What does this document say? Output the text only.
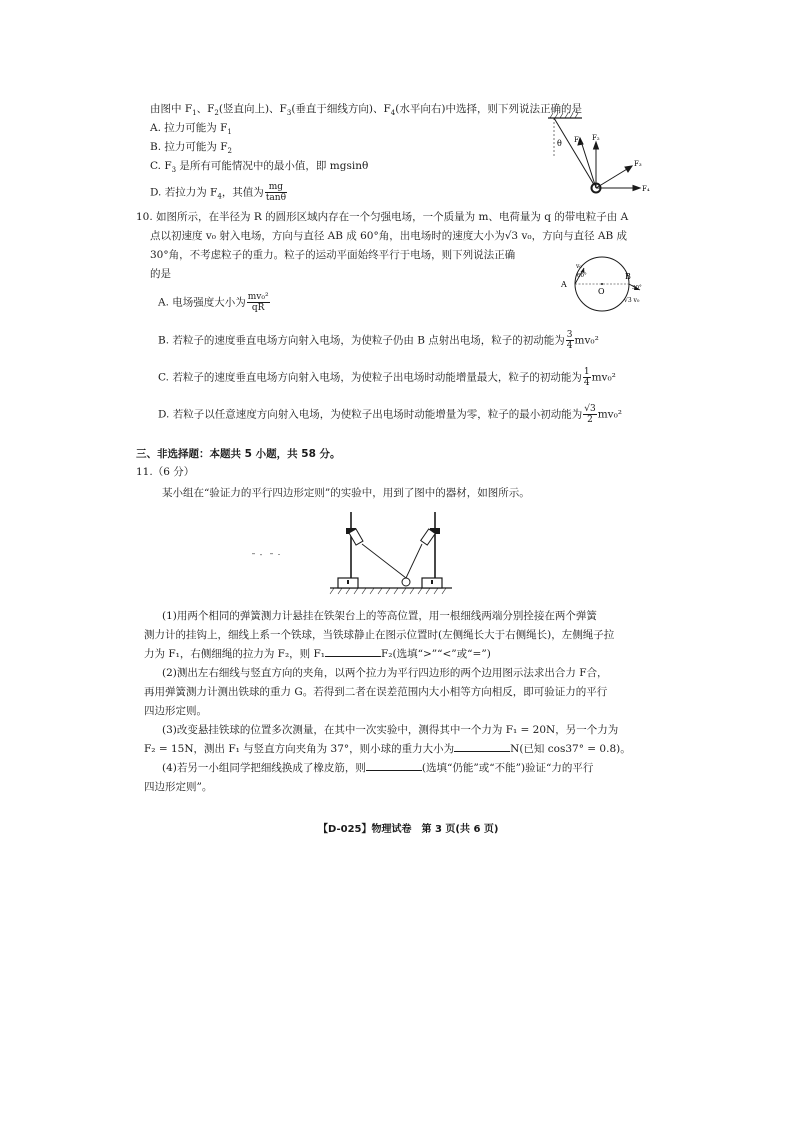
由图中 $F_1$、$F_2$(竖直向上)、$F_3$(垂直于细线方向)、$F_4$(水平向右)中选择，则下列说法正确的是
A. 拉力可能为 $F_1$
B. 拉力可能为 $F_2$
C. $F_3$ 是所有可能情况中的最小值，即 mgsinθ
D. 若拉力为 $F_4$，其值为 $\frac{mg}{\tan\theta}$
θ F₁ F₂
F₃
F₄
10. 如图所示，在半径为 R 的圆形区域内存在一个匀强电场，一个质量为 m、电荷量为 q 的带电粒子由 A
点以初速度 v₀ 射入电场，方向与直径 AB 成 60°角，出电场时的速度大小为√3 v₀，方向与直径 AB 成
30°角，不考虑粒子的重力。粒子的运动平面始终平行于电场，则下列说法正确
的是
A
B
O
v₀
60°
30°
√3 v₀
A. 电场强度大小为 $\frac{\text{mv₀²}}{qR}$
B. 若粒子的速度垂直电场方向射入电场，为使粒子仍由 B 点射出电场，粒子的初动能为 $\frac{3}{4} mv_0^2$
C. 若粒子的速度垂直电场方向射入电场，为使粒子出电场时动能增量最大，粒子的初动能为 $\frac{1}{4} mv_0^2$
D. 若粒子以任意速度方向射入电场，为使粒子出电场时动能增量为零，粒子的最小初动能为 $\frac{√3}{2} mv_0^2$
三、非选择题：本题共 5 小题，共 58 分。
11.（6 分）
某小组在“验证力的平行四边形定则”的实验中，用到了图中的器材，如图所示。
(1)用两个相同的弹簧测力计悬挂在铁架台上的等高位置，用一根细线两端分别拴接在两个弹簧
测力计的挂钩上，细线上系一个铁球，当铁球静止在图示位置时(左侧绳长大于右侧绳长)，左侧绳子拉
力为 F₁，右侧细绳的拉力为 F₂，则 F₁	F₂(选填“>”“<”或“=”)
(2)测出左右细线与竖直方向的夹角，以两个拉力为平行四边形的两个边用图示法求出合力 F合，
再用弹簧测力计测出铁球的重力 G。若得到二者在误差范围内大小相等方向相反，即可验证力的平行
四边形定则。
(3)改变悬挂铁球的位置多次测量，在其中一次实验中，测得其中一个力为 F₁ = 20N，另一个力为
F₂ = 15N，测出 F₁ 与竖直方向夹角为 37°，则小球的重力大小为	N(已知 cos37° = 0.8)。
(4)若另一小组同学把细线换成了橡皮筋，则	(选填“仍能”或“不能”)验证“力的平行
四边形定则”。
【D-025】物理试卷　第 3 页(共 6 页)
